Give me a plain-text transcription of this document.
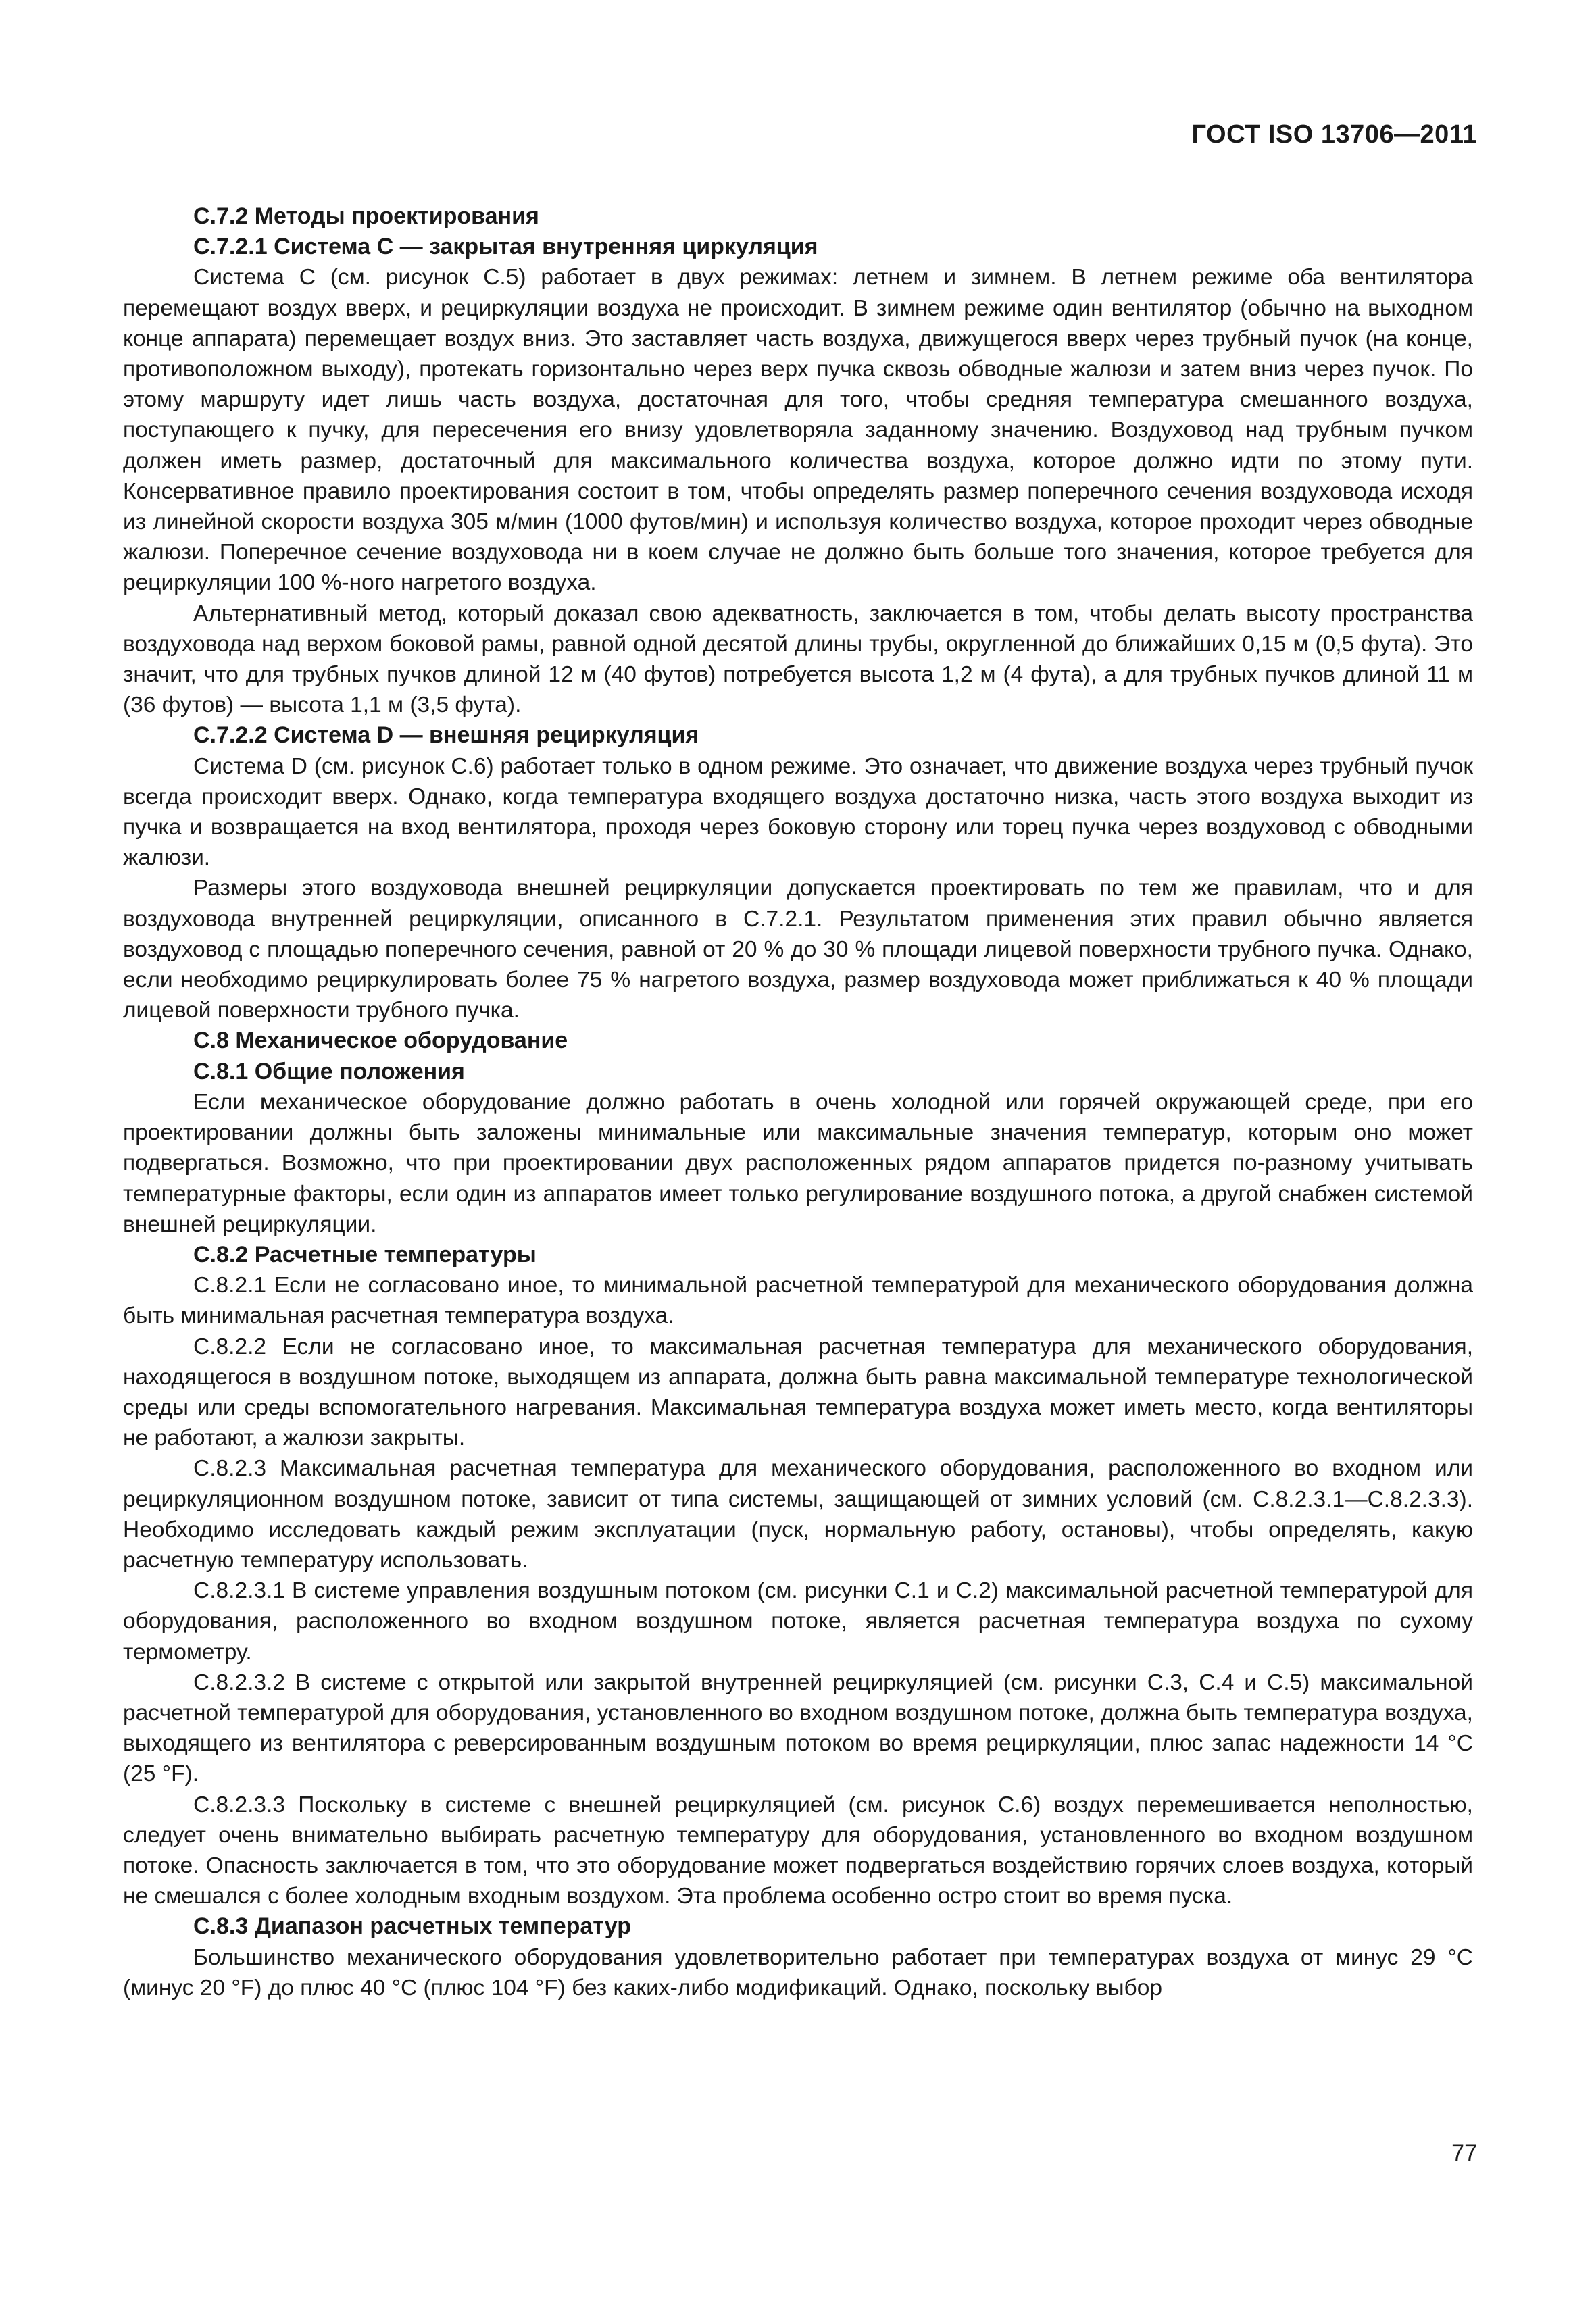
ГОСТ ISO 13706—2011
C.7.2 Методы проектирования
C.7.2.1 Система C — закрытая внутренняя циркуляция

Система C (см. рисунок C.5) работает в двух режимах: летнем и зимнем. В летнем режиме оба вентилятора перемещают воздух вверх, и рециркуляции воздуха не происходит. В зимнем режиме один вентилятор (обычно на выходном конце аппарата) перемещает воздух вниз. Это заставляет часть воздуха, движущегося вверх через трубный пучок (на конце, противоположном выходу), протекать горизонтально через верх пучка сквозь обводные жалюзи и затем вниз через пучок. По этому маршруту идет лишь часть воздуха, достаточная для того, чтобы средняя температура смешанного воздуха, поступающего к пучку, для пересечения его внизу удовлетворяла заданному значению. Воздуховод над трубным пучком должен иметь размер, достаточный для максимального количества воздуха, которое должно идти по этому пути. Консервативное правило проектирования состоит в том, чтобы определять размер поперечного сечения воздуховода исходя из линейной скорости воздуха 305 м/мин (1000 футов/мин) и используя количество воздуха, которое проходит через обводные жалюзи. Поперечное сечение воздуховода ни в коем случае не должно быть больше того значения, которое требуется для рециркуляции 100 %-ного нагретого воздуха.

Альтернативный метод, который доказал свою адекватность, заключается в том, чтобы делать высоту пространства воздуховода над верхом боковой рамы, равной одной десятой длины трубы, округленной до ближайших 0,15 м (0,5 фута). Это значит, что для трубных пучков длиной 12 м (40 футов) потребуется высота 1,2 м (4 фута), а для трубных пучков длиной 11 м (36 футов) — высота 1,1 м (3,5 фута).

C.7.2.2 Система D — внешняя рециркуляция

Система D (см. рисунок C.6) работает только в одном режиме. Это означает, что движение воздуха через трубный пучок всегда происходит вверх. Однако, когда температура входящего воздуха достаточно низка, часть этого воздуха выходит из пучка и возвращается на вход вентилятора, проходя через боковую сторону или торец пучка через воздуховод с обводными жалюзи.

Размеры этого воздуховода внешней рециркуляции допускается проектировать по тем же правилам, что и для воздуховода внутренней рециркуляции, описанного в C.7.2.1. Результатом применения этих правил обычно является воздуховод с площадью поперечного сечения, равной от 20 % до 30 % площади лицевой поверхности трубного пучка. Однако, если необходимо рециркулировать более 75 % нагретого воздуха, размер воздуховода может приближаться к 40 % площади лицевой поверхности трубного пучка.

C.8 Механическое оборудование
C.8.1 Общие положения

Если механическое оборудование должно работать в очень холодной или горячей окружающей среде, при его проектировании должны быть заложены минимальные или максимальные значения температур, которым оно может подвергаться. Возможно, что при проектировании двух расположенных рядом аппаратов придется по-разному учитывать температурные факторы, если один из аппаратов имеет только регулирование воздушного потока, а другой снабжен системой внешней рециркуляции.

C.8.2 Расчетные температуры

C.8.2.1 Если не согласовано иное, то минимальной расчетной температурой для механического оборудования должна быть минимальная расчетная температура воздуха.

C.8.2.2 Если не согласовано иное, то максимальная расчетная температура для механического оборудования, находящегося в воздушном потоке, выходящем из аппарата, должна быть равна максимальной температуре технологической среды или среды вспомогательного нагревания. Максимальная температура воздуха может иметь место, когда вентиляторы не работают, а жалюзи закрыты.

C.8.2.3 Максимальная расчетная температура для механического оборудования, расположенного во входном или рециркуляционном воздушном потоке, зависит от типа системы, защищающей от зимних условий (см. C.8.2.3.1—C.8.2.3.3). Необходимо исследовать каждый режим эксплуатации (пуск, нормальную работу, остановы), чтобы определять, какую расчетную температуру использовать.

C.8.2.3.1 В системе управления воздушным потоком (см. рисунки C.1 и C.2) максимальной расчетной температурой для оборудования, расположенного во входном воздушном потоке, является расчетная температура воздуха по сухому термометру.

C.8.2.3.2 В системе с открытой или закрытой внутренней рециркуляцией (см. рисунки C.3, C.4 и C.5) максимальной расчетной температурой для оборудования, установленного во входном воздушном потоке, должна быть температура воздуха, выходящего из вентилятора с реверсированным воздушным потоком во время рециркуляции, плюс запас надежности 14 °C (25 °F).

C.8.2.3.3 Поскольку в системе с внешней рециркуляцией (см. рисунок C.6) воздух перемешивается неполностью, следует очень внимательно выбирать расчетную температуру для оборудования, установленного во входном воздушном потоке. Опасность заключается в том, что это оборудование может подвергаться воздействию горячих слоев воздуха, который не смешался с более холодным входным воздухом. Эта проблема особенно остро стоит во время пуска.

C.8.3 Диапазон расчетных температур

Большинство механического оборудования удовлетворительно работает при температурах воздуха от минус 29 °C (минус 20 °F) до плюс 40 °C (плюс 104 °F) без каких-либо модификаций. Однако, поскольку выбор

77
